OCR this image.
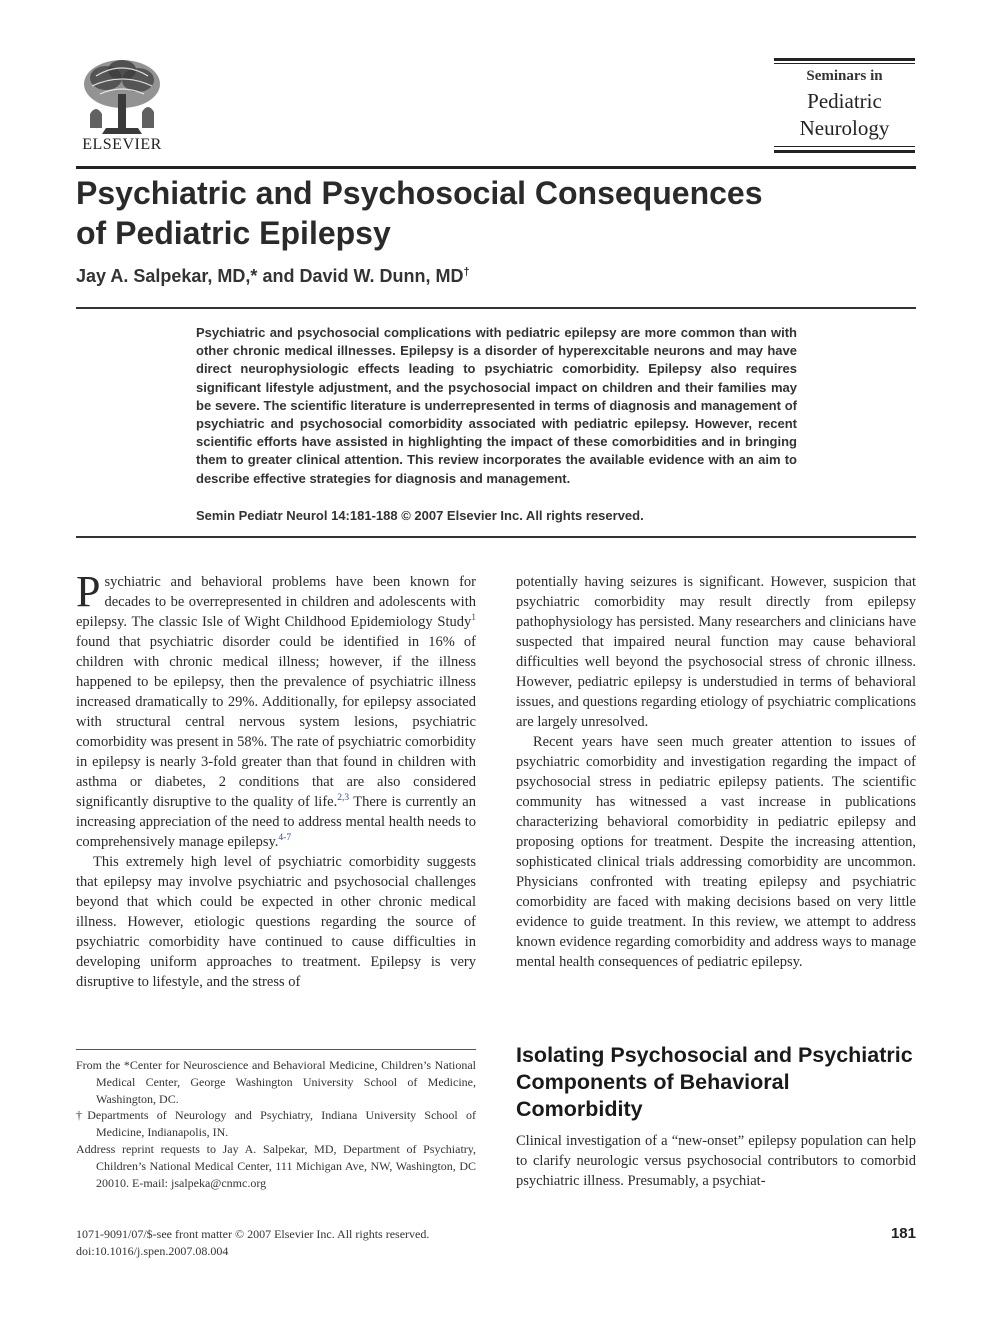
ELSEVIER
Seminars in
Pediatric
Neurology
Psychiatric and Psychosocial Consequences of Pediatric Epilepsy
Jay A. Salpekar, MD,* and David W. Dunn, MD†
Psychiatric and psychosocial complications with pediatric epilepsy are more common than with other chronic medical illnesses. Epilepsy is a disorder of hyperexcitable neurons and may have direct neurophysiologic effects leading to psychiatric comorbidity. Epilepsy also requires significant lifestyle adjustment, and the psychosocial impact on children and their families may be severe. The scientific literature is underrepresented in terms of diagnosis and management of psychiatric and psychosocial comorbidity associated with pediatric epilepsy. However, recent scientific efforts have assisted in highlighting the impact of these comorbidities and in bringing them to greater clinical attention. This review incorporates the available evidence with an aim to describe effective strategies for diagnosis and management.
Semin Pediatr Neurol 14:181-188 © 2007 Elsevier Inc. All rights reserved.

Psychiatric and behavioral problems have been known for decades to be overrepresented in children and adolescents with epilepsy. The classic Isle of Wight Childhood Epidemiology Study$^1$ found that psychiatric disorder could be identified in 16% of children with chronic medical illness; however, if the illness happened to be epilepsy, then the prevalence of psychiatric illness increased dramatically to 29%. Additionally, for epilepsy associated with structural central nervous system lesions, psychiatric comorbidity was present in 58%. The rate of psychiatric comorbidity in epilepsy is nearly 3-fold greater than that found in children with asthma or diabetes, 2 conditions that are also considered significantly disruptive to the quality of life.$^{2,3}$ There is currently an increasing appreciation of the need to address mental health needs to comprehensively manage epilepsy.$^{4-7}$

This extremely high level of psychiatric comorbidity suggests that epilepsy may involve psychiatric and psychosocial challenges beyond that which could be expected in other chronic medical illness. However, etiologic questions regarding the source of psychiatric comorbidity have continued to cause difficulties in developing uniform approaches to treatment. Epilepsy is very disruptive to lifestyle, and the stress of

potentially having seizures is significant. However, suspicion that psychiatric comorbidity may result directly from epilepsy pathophysiology has persisted. Many researchers and clinicians have suspected that impaired neural function may cause behavioral difficulties well beyond the psychosocial stress of chronic illness. However, pediatric epilepsy is understudied in terms of behavioral issues, and questions regarding etiology of psychiatric complications are largely unresolved.

Recent years have seen much greater attention to issues of psychiatric comorbidity and investigation regarding the impact of psychosocial stress in pediatric epilepsy patients. The scientific community has witnessed a vast increase in publications characterizing behavioral comorbidity in pediatric epilepsy and proposing options for treatment. Despite the increasing attention, sophisticated clinical trials addressing comorbidity are uncommon. Physicians confronted with treating epilepsy and psychiatric comorbidity are faced with making decisions based on very little evidence to guide treatment. In this review, we attempt to address known evidence regarding comorbidity and address ways to manage mental health consequences of pediatric epilepsy.

Isolating Psychosocial and Psychiatric Components of Behavioral Comorbidity

Clinical investigation of a “new-onset” epilepsy population can help to clarify neurologic versus psychosocial contributors to comorbid psychiatric illness. Presumably, a psychiat-

From the *Center for Neuroscience and Behavioral Medicine, Children’s National Medical Center, George Washington University School of Medicine, Washington, DC.

†Departments of Neurology and Psychiatry, Indiana University School of Medicine, Indianapolis, IN.

Address reprint requests to Jay A. Salpekar, MD, Department of Psychiatry, Children’s National Medical Center, 111 Michigan Ave, NW, Washington, DC 20010. E-mail: jsalpeka@cnmc.org

1071-9091/07/$-see front matter © 2007 Elsevier Inc. All rights reserved.

doi:10.1016/j.spen.2007.08.004

181
